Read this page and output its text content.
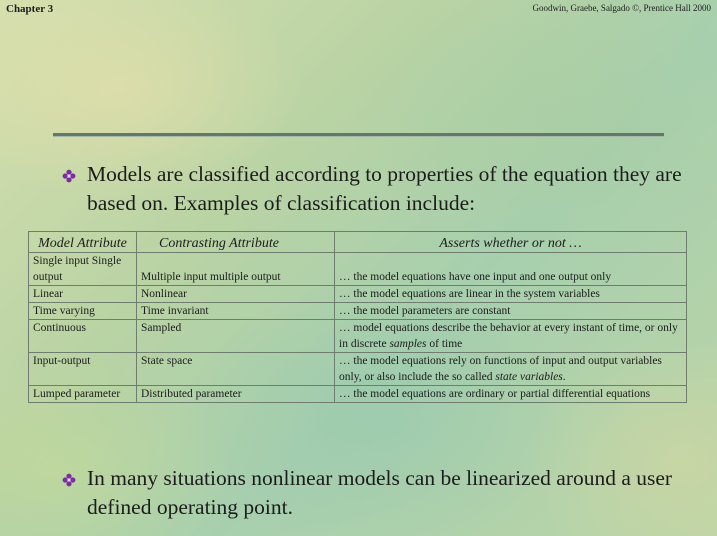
Chapter 3	Goodwin, Graebe, Salgado ©, Prentice Hall 2000
Models are classified according to properties of the equation they are based on. Examples of classification include:
Model Attribute	Contrasting Attribute	Asserts whether or not …
Single input Single output	Multiple input multiple output	… the model equations have one input and one output only
Linear	Nonlinear	… the model equations are linear in the system variables
Time varying	Time invariant	… the model parameters are constant
Continuous	Sampled	… model equations describe the behavior at every instant of time, or only in discrete samples of time
Input-output	State space	… the model equations rely on functions of input and output variables only, or also include the so called state variables.
Lumped parameter	Distributed parameter	… the model equations are ordinary or partial differential equations
In many situations nonlinear models can be linearized around a user defined operating point.
